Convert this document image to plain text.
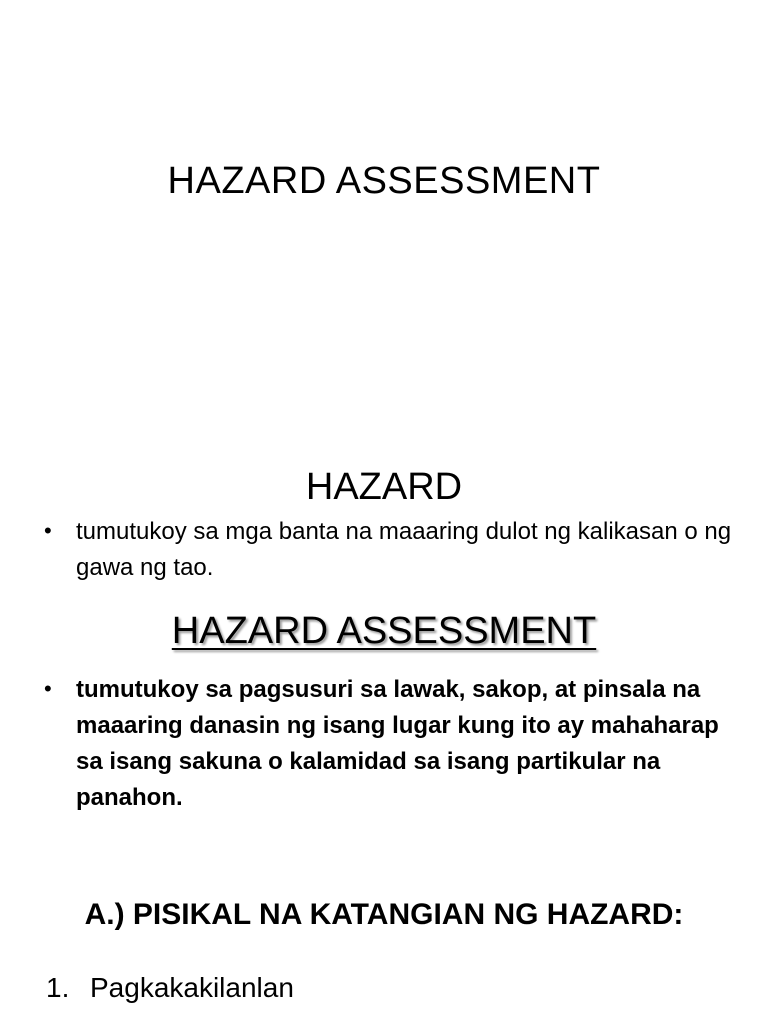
HAZARD ASSESSMENT
HAZARD
•	tumutukoy sa mga banta na maaaring dulot ng kalikasan o ng gawa ng tao.
HAZARD ASSESSMENT
•	tumutukoy sa pagsusuri sa lawak, sakop, at pinsala na maaaring danasin ng isang lugar kung ito ay mahaharap sa isang sakuna o kalamidad sa isang partikular na panahon.
A.) PISIKAL NA KATANGIAN NG HAZARD:
1. Pagkakakilanlan
